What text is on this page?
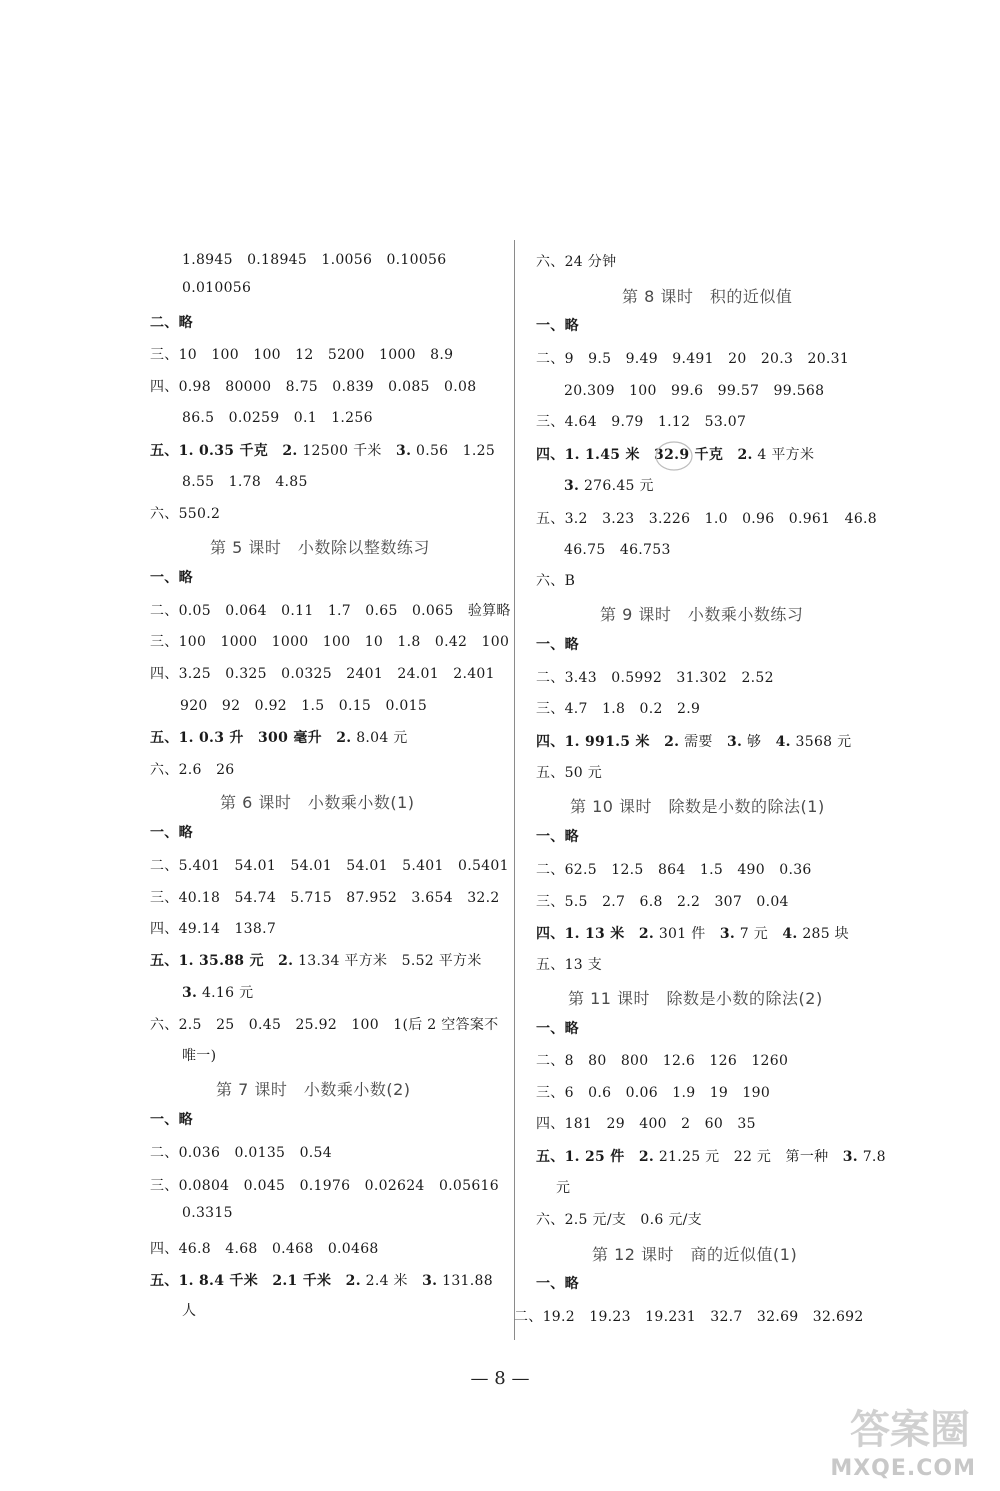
1.8945　0.18945　1.0056　0.10056
0.010056
二、略
三、10　100　100　12　5200　1000　8.9
四、0.98　80000　8.75　0.839　0.085　0.08
86.5　0.0259　0.1　1.256
五、1. 0.35 千克　2. 12500 千米　3. 0.56　1.25
8.55　1.78　4.85
六、550.2
第 5 课时　小数除以整数练习
一、略
二、0.05　0.064　0.11　1.7　0.65　0.065　验算略
三、100　1000　1000　100　10　1.8　0.42　100
四、3.25　0.325　0.0325　2401　24.01　2.401
920　92　0.92　1.5　0.15　0.015
五、1. 0.3 升　300 毫升　2. 8.04 元
六、2.6　26
第 6 课时　小数乘小数(1)
一、略
二、5.401　54.01　54.01　54.01　5.401　0.5401
三、40.18　54.74　5.715　87.952　3.654　32.2
四、49.14　138.7
五、1. 35.88 元　2. 13.34 平方米　5.52 平方米
3. 4.16 元
六、2.5　25　0.45　25.92　100　1(后 2 空答案不
唯一)
第 7 课时　小数乘小数(2)
一、略
二、0.036　0.0135　0.54
三、0.0804　0.045　0.1976　0.02624　0.05616
0.3315
四、46.8　4.68　0.468　0.0468
五、1. 8.4 千米　2.1 千米　2. 2.4 米　3. 131.88
人
六、24 分钟
第 8 课时　积的近似值
一、略
二、9　9.5　9.49　9.491　20　20.3　20.31
20.309　100　99.6　99.57　99.568
三、4.64　9.79　1.12　53.07
四、1. 1.45 米　32.9 千克　2. 4 平方米
3. 276.45 元
五、3.2　3.23　3.226　1.0　0.96　0.961　46.8
46.75　46.753
六、B
第 9 课时　小数乘小数练习
一、略
二、3.43　0.5992　31.302　2.52
三、4.7　1.8　0.2　2.9
四、1. 991.5 米　2. 需要　3. 够　4. 3568 元
五、50 元
第 10 课时　除数是小数的除法(1)
一、略
二、62.5　12.5　864　1.5　490　0.36
三、5.5　2.7　6.8　2.2　307　0.04
四、1. 13 米　2. 301 件　3. 7 元　4. 285 块
五、13 支
第 11 课时　除数是小数的除法(2)
一、略
二、8　80　800　12.6　126　1260
三、6　0.6　0.06　1.9　19　190
四、181　29　400　2　60　35
五、1. 25 件　2. 21.25 元　22 元　第一种　3. 7.8
元
六、2.5 元/支　0.6 元/支
第 12 课时　商的近似值(1)
一、略
二、19.2　19.23　19.231　32.7　32.69　32.692
— 8 —
答案圈
MXQE.COM
